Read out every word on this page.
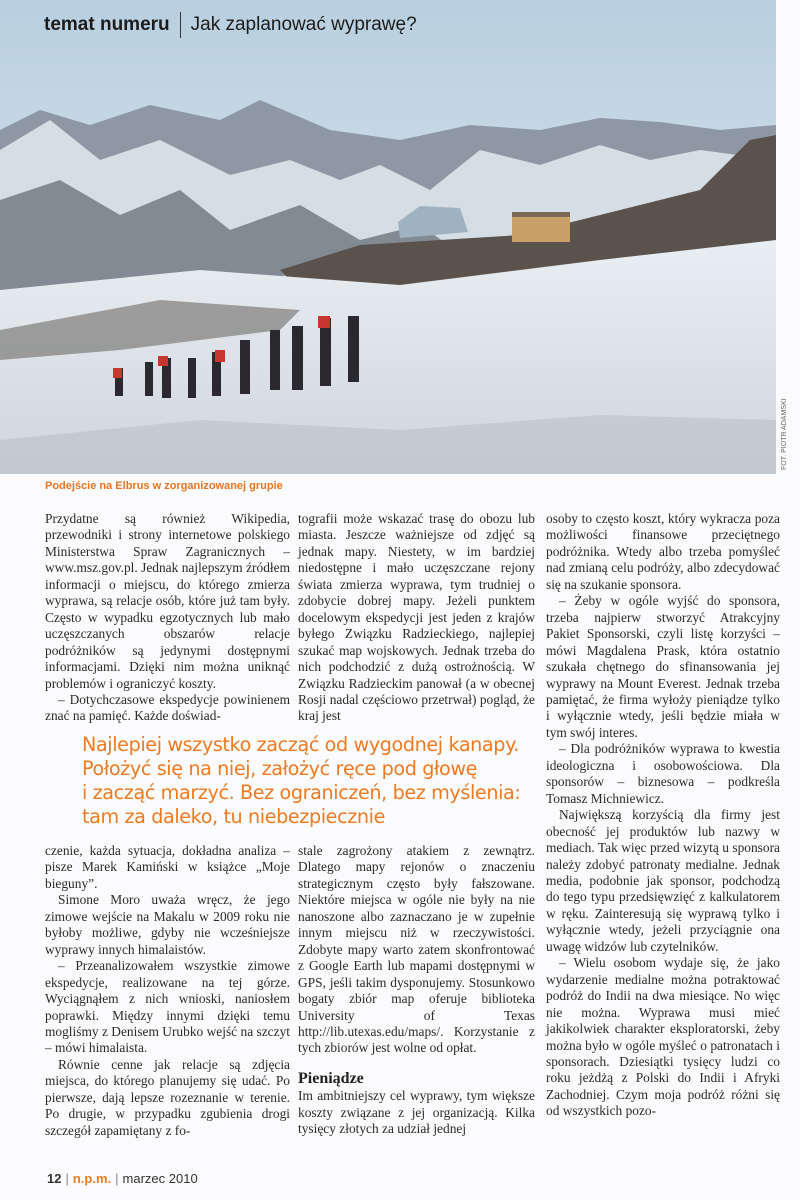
temat numeru Jak zaplanować wyprawę?
FOT. PIOTR ADAMSKI
Podejście na Elbrus w zorganizowanej grupie

Przydatne są również Wikipedia, przewodniki i strony internetowe polskiego Ministerstwa Spraw Zagranicznych – www.msz.gov.pl. Jednak najlepszym źródłem informacji o miejscu, do którego zmierza wyprawa, są relacje osób, które już tam były. Często w wypadku egzotycznych lub mało uczęszczanych obszarów relacje podróżników są jedynymi dostępnymi informacjami. Dzięki nim można uniknąć problemów i ograniczyć koszty.

– Dotychczasowe ekspedycje powinienem znać na pamięć. Każde doświad-

tografii może wskazać trasę do obozu lub miasta. Jeszcze ważniejsze od zdjęć są jednak mapy. Niestety, w im bardziej niedostępne i mało uczęszczane rejony świata zmierza wyprawa, tym trudniej o zdobycie dobrej mapy. Jeżeli punktem docelowym ekspedycji jest jeden z krajów byłego Związku Radzieckiego, najlepiej szukać map wojskowych. Jednak trzeba do nich podchodzić z dużą ostrożnością. W Związku Radzieckim panował (a w obecnej Rosji nadal częściowo przetrwał) pogląd, że kraj jest

osoby to często koszt, który wykracza poza możliwości finansowe przeciętnego podróżnika. Wtedy albo trzeba pomyśleć nad zmianą celu podróży, albo zdecydować się na szukanie sponsora.

– Żeby w ogóle wyjść do sponsora, trzeba najpierw stworzyć Atrakcyjny Pakiet Sponsorski, czyli listę korzyści – mówi Magdalena Prask, która ostatnio szukała chętnego do sfinansowania jej wyprawy na Mount Everest. Jednak trzeba pamiętać, że firma wyłoży pieniądze tylko i wyłącznie wtedy, jeśli będzie miała w tym swój interes.

– Dla podróżników wyprawa to kwestia ideologiczna i osobowościowa. Dla sponsorów – biznesowa – podkreśla Tomasz Michniewicz.

Największą korzyścią dla firmy jest obecność jej produktów lub nazwy w mediach. Tak więc przed wizytą u sponsora należy zdobyć patronaty medialne. Jednak media, podobnie jak sponsor, podchodzą do tego typu przedsięwzięć z kalkulatorem w ręku. Zainteresują się wyprawą tylko i wyłącznie wtedy, jeżeli przyciągnie ona uwagę widzów lub czytelników.

– Wielu osobom wydaje się, że jako wydarzenie medialne można potraktować podróż do Indii na dwa miesiące. No więc nie można. Wyprawa musi mieć jakikolwiek charakter eksploratorski, żeby można było w ogóle myśleć o patronatach i sponsorach. Dziesiątki tysięcy ludzi co roku jeżdżą z Polski do Indii i Afryki Zachodniej. Czym moja podróż różni się od wszystkich pozo-

Najlepiej wszystko zacząć od wygodnej kanapy.
Położyć się na niej, założyć ręce pod głowę
i zacząć marzyć. Bez ograniczeń, bez myślenia:
tam za daleko, tu niebezpiecznie

czenie, każda sytuacja, dokładna analiza – pisze Marek Kamiński w książce „Moje bieguny”.

Simone Moro uważa wręcz, że jego zimowe wejście na Makalu w 2009 roku nie byłoby możliwe, gdyby nie wcześniejsze wyprawy innych himalaistów.

– Przeanalizowałem wszystkie zimowe ekspedycje, realizowane na tej górze. Wyciągnąłem z nich wnioski, naniosłem poprawki. Między innymi dzięki temu mogliśmy z Denisem Urubko wejść na szczyt – mówi himalaista.

Równie cenne jak relacje są zdjęcia miejsca, do którego planujemy się udać. Po pierwsze, dają lepsze rozeznanie w terenie. Po drugie, w przypadku zgubienia drogi szczegół zapamiętany z fo-

stale zagrożony atakiem z zewnątrz. Dlatego mapy rejonów o znaczeniu strategicznym często były fałszowane. Niektóre miejsca w ogóle nie były na nie nanoszone albo zaznaczano je w zupełnie innym miejscu niż w rzeczywistości. Zdobyte mapy warto zatem skonfrontować z Google Earth lub mapami dostępnymi w GPS, jeśli takim dysponujemy. Stosunkowo bogaty zbiór map oferuje biblioteka University of Texas http://lib.utexas.edu/maps/. Korzystanie z tych zbiorów jest wolne od opłat.

Pieniądze

Im ambitniejszy cel wyprawy, tym większe koszty związane z jej organizacją. Kilka tysięcy złotych za udział jednej

12 | n.p.m. | marzec 2010
